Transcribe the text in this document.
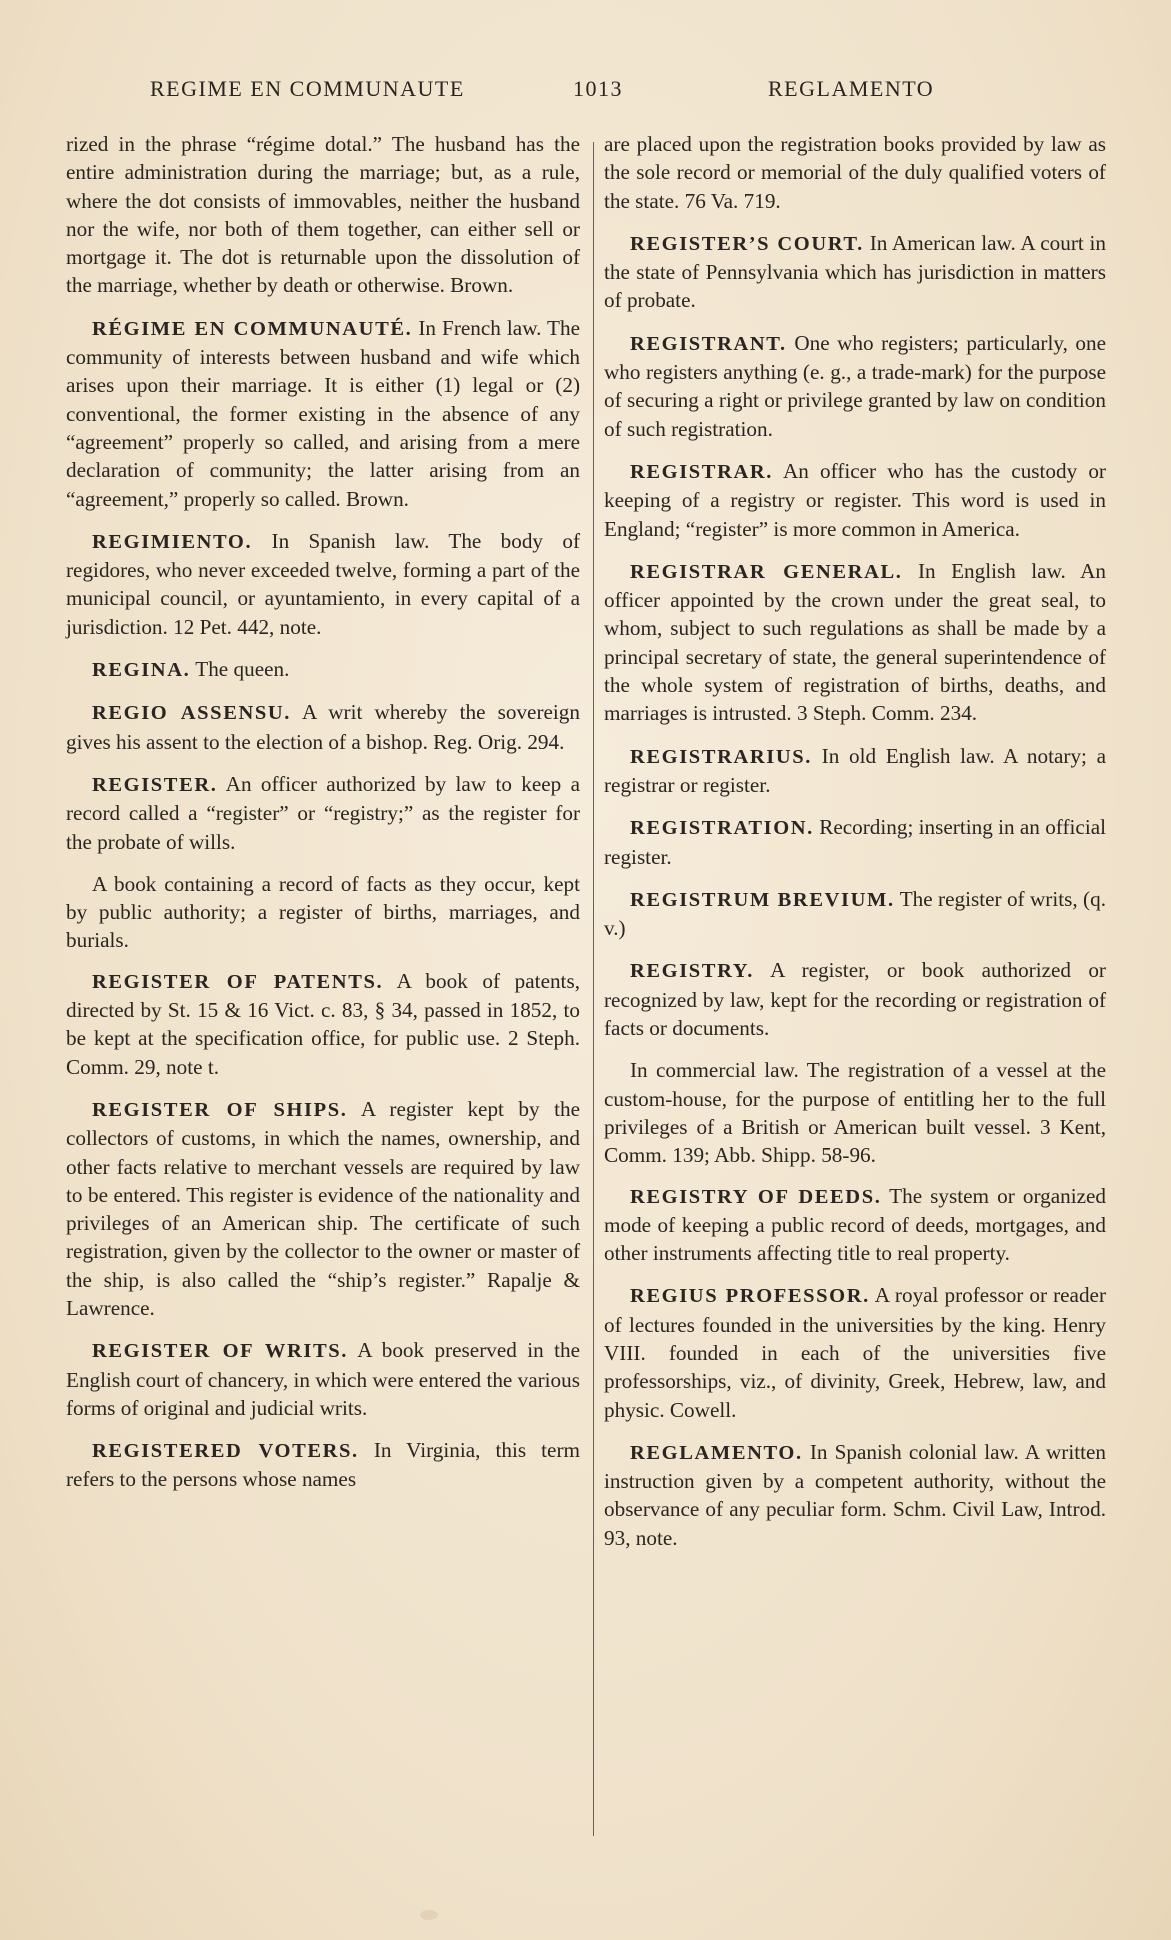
REGIME EN COMMUNAUTE	1013	REGLAMENTO

rized in the phrase “régime dotal.” The husband has the entire administration during the marriage; but, as a rule, where the dot consists of immovables, neither the husband nor the wife, nor both of them together, can either sell or mortgage it. The dot is returnable upon the dissolution of the marriage, whether by death or otherwise. Brown.

RÉGIME EN COMMUNAUTÉ. In French law. The community of interests between husband and wife which arises upon their marriage. It is either (1) legal or (2) conventional, the former existing in the absence of any “agreement” properly so called, and arising from a mere declaration of community; the latter arising from an “agreement,” properly so called. Brown.

REGIMIENTO. In Spanish law. The body of regidores, who never exceeded twelve, forming a part of the municipal council, or ayuntamiento, in every capital of a jurisdiction. 12 Pet. 442, note.

REGINA. The queen.

REGIO ASSENSU. A writ whereby the sovereign gives his assent to the election of a bishop. Reg. Orig. 294.

REGISTER. An officer authorized by law to keep a record called a “register” or “registry;” as the register for the probate of wills.

A book containing a record of facts as they occur, kept by public authority; a register of births, marriages, and burials.

REGISTER OF PATENTS. A book of patents, directed by St. 15 & 16 Vict. c. 83, § 34, passed in 1852, to be kept at the specification office, for public use. 2 Steph. Comm. 29, note t.

REGISTER OF SHIPS. A register kept by the collectors of customs, in which the names, ownership, and other facts relative to merchant vessels are required by law to be entered. This register is evidence of the nationality and privileges of an American ship. The certificate of such registration, given by the collector to the owner or master of the ship, is also called the “ship’s register.” Rapalje & Lawrence.

REGISTER OF WRITS. A book preserved in the English court of chancery, in which were entered the various forms of original and judicial writs.

REGISTERED VOTERS. In Virginia, this term refers to the persons whose names

are placed upon the registration books provided by law as the sole record or memorial of the duly qualified voters of the state. 76 Va. 719.

REGISTER’S COURT. In American law. A court in the state of Pennsylvania which has jurisdiction in matters of probate.

REGISTRANT. One who registers; particularly, one who registers anything (e. g., a trade-mark) for the purpose of securing a right or privilege granted by law on condition of such registration.

REGISTRAR. An officer who has the custody or keeping of a registry or register. This word is used in England; “register” is more common in America.

REGISTRAR GENERAL. In English law. An officer appointed by the crown under the great seal, to whom, subject to such regulations as shall be made by a principal secretary of state, the general superintendence of the whole system of registration of births, deaths, and marriages is intrusted. 3 Steph. Comm. 234.

REGISTRARIUS. In old English law. A notary; a registrar or register.

REGISTRATION. Recording; inserting in an official register.

REGISTRUM BREVIUM. The register of writs, (q. v.)

REGISTRY. A register, or book authorized or recognized by law, kept for the recording or registration of facts or documents.

In commercial law. The registration of a vessel at the custom-house, for the purpose of entitling her to the full privileges of a British or American built vessel. 3 Kent, Comm. 139; Abb. Shipp. 58-96.

REGISTRY OF DEEDS. The system or organized mode of keeping a public record of deeds, mortgages, and other instruments affecting title to real property.

REGIUS PROFESSOR. A royal professor or reader of lectures founded in the universities by the king. Henry VIII. founded in each of the universities five professorships, viz., of divinity, Greek, Hebrew, law, and physic. Cowell.

REGLAMENTO. In Spanish colonial law. A written instruction given by a competent authority, without the observance of any peculiar form. Schm. Civil Law, Introd. 93, note.
